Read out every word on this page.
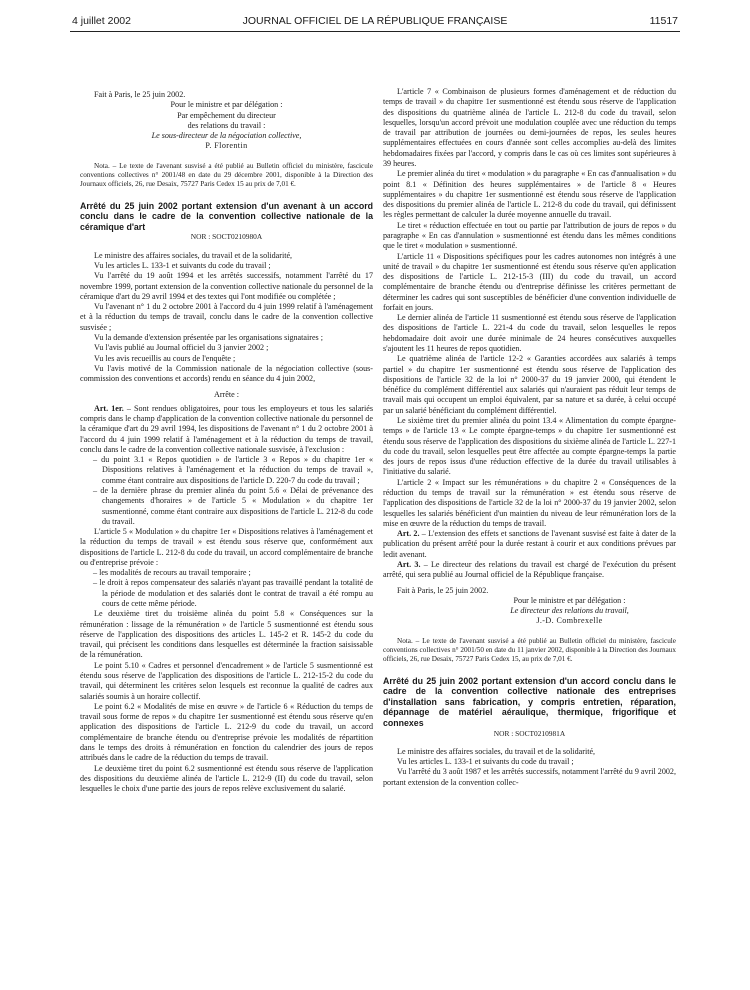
4 juillet 2002	JOURNAL OFFICIEL DE LA RÉPUBLIQUE FRANÇAISE	11517

Fait à Paris, le 25 juin 2002.

Pour le ministre et par délégation :

Par empêchement du directeur

des relations du travail :

Le sous-directeur de la négociation collective,

P. Florentin

Nota. – Le texte de l'avenant susvisé a été publié au Bulletin officiel du ministère, fascicule conventions collectives n° 2001/48 en date du 29 décembre 2001, disponible à la Direction des Journaux officiels, 26, rue Desaix, 75727 Paris Cedex 15 au prix de 7,01 €.

Arrêté du 25 juin 2002 portant extension d'un avenant à un accord conclu dans le cadre de la convention collective nationale de la céramique d'art

NOR : SOCT0210980A

Le ministre des affaires sociales, du travail et de la solidarité,

Vu les articles L. 133-1 et suivants du code du travail ;

Vu l'arrêté du 19 août 1994 et les arrêtés successifs, notamment l'arrêté du 17 novembre 1999, portant extension de la convention collective nationale du personnel de la céramique d'art du 29 avril 1994 et des textes qui l'ont modifiée ou complétée ;

Vu l'avenant n° 1 du 2 octobre 2001 à l'accord du 4 juin 1999 relatif à l'aménagement et à la réduction du temps de travail, conclu dans le cadre de la convention collective susvisée ;

Vu la demande d'extension présentée par les organisations signataires ;

Vu l'avis publié au Journal officiel du 3 janvier 2002 ;

Vu les avis recueillis au cours de l'enquête ;

Vu l'avis motivé de la Commission nationale de la négociation collective (sous-commission des conventions et accords) rendu en séance du 4 juin 2002,

Arrête :

Art. 1er. – Sont rendues obligatoires, pour tous les employeurs et tous les salariés compris dans le champ d'application de la convention collective nationale du personnel de la céramique d'art du 29 avril 1994, les dispositions de l'avenant n° 1 du 2 octobre 2001 à l'accord du 4 juin 1999 relatif à l'aménagement et à la réduction du temps de travail, conclu dans le cadre de la convention collective nationale susvisée, à l'exclusion :

– du point 3.1 « Repos quotidien » de l'article 3 « Repos » du chapitre 1er « Dispositions relatives à l'aménagement et la réduction du temps de travail », comme étant contraire aux dispositions de l'article D. 220-7 du code du travail ;
– de la dernière phrase du premier alinéa du point 5.6 « Délai de prévenance des changements d'horaires » de l'article 5 « Modulation » du chapitre 1er susmentionné, comme étant contraire aux dispositions de l'article L. 212-8 du code du travail.

L'article 5 « Modulation » du chapitre 1er « Dispositions relatives à l'aménagement et la réduction du temps de travail » est étendu sous réserve que, conformément aux dispositions de l'article L. 212-8 du code du travail, un accord complémentaire de branche ou d'entreprise prévoie :

– les modalités de recours au travail temporaire ;
– le droit à repos compensateur des salariés n'ayant pas travaillé pendant la totalité de la période de modulation et des salariés dont le contrat de travail a été rompu au cours de cette même période.

Le deuxième tiret du troisième alinéa du point 5.8 « Conséquences sur la rémunération : lissage de la rémunération » de l'article 5 susmentionné est étendu sous réserve de l'application des dispositions des articles L. 145-2 et R. 145-2 du code du travail, qui précisent les conditions dans lesquelles est déterminée la fraction saisissable de la rémunération.

Le point 5.10 « Cadres et personnel d'encadrement » de l'article 5 susmentionné est étendu sous réserve de l'application des dispositions de l'article L. 212-15-2 du code du travail, qui déterminent les critères selon lesquels est reconnue la qualité de cadres aux salariés soumis à un horaire collectif.

Le point 6.2 « Modalités de mise en œuvre » de l'article 6 « Réduction du temps de travail sous forme de repos » du chapitre 1er susmentionné est étendu sous réserve qu'en application des dispositions de l'article L. 212-9 du code du travail, un accord complémentaire de branche étendu ou d'entreprise prévoie les modalités de répartition dans le temps des droits à rémunération en fonction du calendrier des jours de repos attribués dans le cadre de la réduction du temps de travail.

Le deuxième tiret du point 6.2 susmentionné est étendu sous réserve de l'application des dispositions du deuxième alinéa de l'article L. 212-9 (II) du code du travail, selon lesquelles le choix d'une partie des jours de repos relève exclusivement du salarié.

L'article 7 « Combinaison de plusieurs formes d'aménagement et de réduction du temps de travail » du chapitre 1er susmentionné est étendu sous réserve de l'application des dispositions du quatrième alinéa de l'article L. 212-8 du code du travail, selon lesquelles, lorsqu'un accord prévoit une modulation couplée avec une réduction du temps de travail par attribution de journées ou demi-journées de repos, les seules heures supplémentaires effectuées en cours d'année sont celles accomplies au-delà des limites hebdomadaires fixées par l'accord, y compris dans le cas où ces limites sont supérieures à 39 heures.

Le premier alinéa du tiret « modulation » du paragraphe « En cas d'annualisation » du point 8.1 « Définition des heures supplémentaires » de l'article 8 « Heures supplémentaires » du chapitre 1er susmentionné est étendu sous réserve de l'application des dispositions du premier alinéa de l'article L. 212-8 du code du travail, qui définissent les règles permettant de calculer la durée moyenne annuelle du travail.

Le tiret « réduction effectuée en tout ou partie par l'attribution de jours de repos » du paragraphe « En cas d'annulation » susmentionné est étendu dans les mêmes conditions que le tiret « modulation » susmentionné.

L'article 11 « Dispositions spécifiques pour les cadres autonomes non intégrés à une unité de travail » du chapitre 1er susmentionné est étendu sous réserve qu'en application des dispositions de l'article L. 212-15-3 (III) du code du travail, un accord complémentaire de branche étendu ou d'entreprise définisse les critères permettant de déterminer les cadres qui sont susceptibles de bénéficier d'une convention individuelle de forfait en jours.

Le dernier alinéa de l'article 11 susmentionné est étendu sous réserve de l'application des dispositions de l'article L. 221-4 du code du travail, selon lesquelles le repos hebdomadaire doit avoir une durée minimale de 24 heures consécutives auxquelles s'ajoutent les 11 heures de repos quotidien.

Le quatrième alinéa de l'article 12-2 « Garanties accordées aux salariés à temps partiel » du chapitre 1er susmentionné est étendu sous réserve de l'application des dispositions de l'article 32 de la loi n° 2000-37 du 19 janvier 2000, qui étendent le bénéfice du complément différentiel aux salariés qui n'auraient pas réduit leur temps de travail mais qui occupent un emploi équivalent, par sa nature et sa durée, à celui occupé par un salarié bénéficiant du complément différentiel.

Le sixième tiret du premier alinéa du point 13.4 « Alimentation du compte épargne-temps » de l'article 13 « Le compte épargne-temps » du chapitre 1er susmentionné est étendu sous réserve de l'application des dispositions du sixième alinéa de l'article L. 227-1 du code du travail, selon lesquelles peut être affectée au compte épargne-temps la partie des jours de repos issus d'une réduction effective de la durée du travail utilisables à l'initiative du salarié.

L'article 2 « Impact sur les rémunérations » du chapitre 2 « Conséquences de la réduction du temps de travail sur la rémunération » est étendu sous réserve de l'application des dispositions de l'article 32 de la loi n° 2000-37 du 19 janvier 2002, selon lesquelles les salariés bénéficient d'un maintien du niveau de leur rémunération lors de la mise en œuvre de la réduction du temps de travail.

Art. 2. – L'extension des effets et sanctions de l'avenant susvisé est faite à dater de la publication du présent arrêté pour la durée restant à courir et aux conditions prévues par ledit avenant.

Art. 3. – Le directeur des relations du travail est chargé de l'exécution du présent arrêté, qui sera publié au Journal officiel de la République française.

Fait à Paris, le 25 juin 2002.

Pour le ministre et par délégation :

Le directeur des relations du travail,

J.-D. Combrexelle

Nota. – Le texte de l'avenant susvisé a été publié au Bulletin officiel du ministère, fascicule conventions collectives n° 2001/50 en date du 11 janvier 2002, disponible à la Direction des Journaux officiels, 26, rue Desaix, 75727 Paris Cedex 15, au prix de 7,01 €.

Arrêté du 25 juin 2002 portant extension d'un accord conclu dans le cadre de la convention collective nationale des entreprises d'installation sans fabrication, y compris entretien, réparation, dépannage de matériel aéraulique, thermique, frigorifique et connexes

NOR : SOCT0210981A

Le ministre des affaires sociales, du travail et de la solidarité,

Vu les articles L. 133-1 et suivants du code du travail ;

Vu l'arrêté du 3 août 1987 et les arrêtés successifs, notamment l'arrêté du 9 avril 2002, portant extension de la convention collec-
